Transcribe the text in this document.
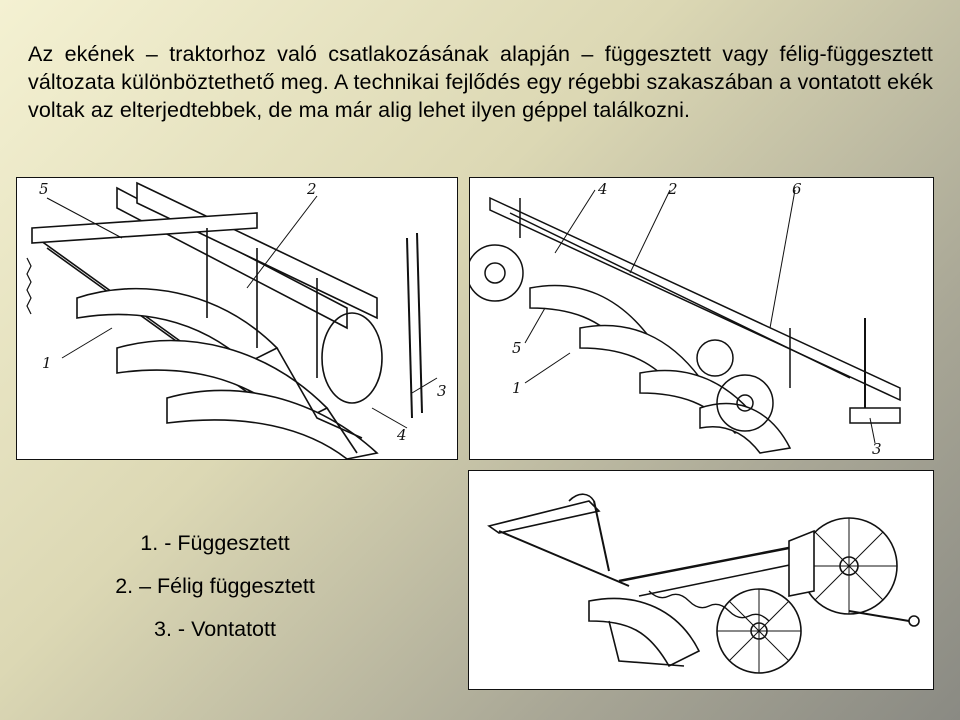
Az ekének – traktorhoz való csatlakozásának alapján – függesztett vagy félig-függesztett változata különböztethető meg. A technikai fejlődés egy régebbi szakaszában a vontatott ekék voltak az elterjedtebbek, de ma már alig lehet ilyen géppel találkozni.
5	2
1
3
4
4	2	6
5
1
3
1. - Függesztett
2. – Félig függesztett
3. - Vontatott
